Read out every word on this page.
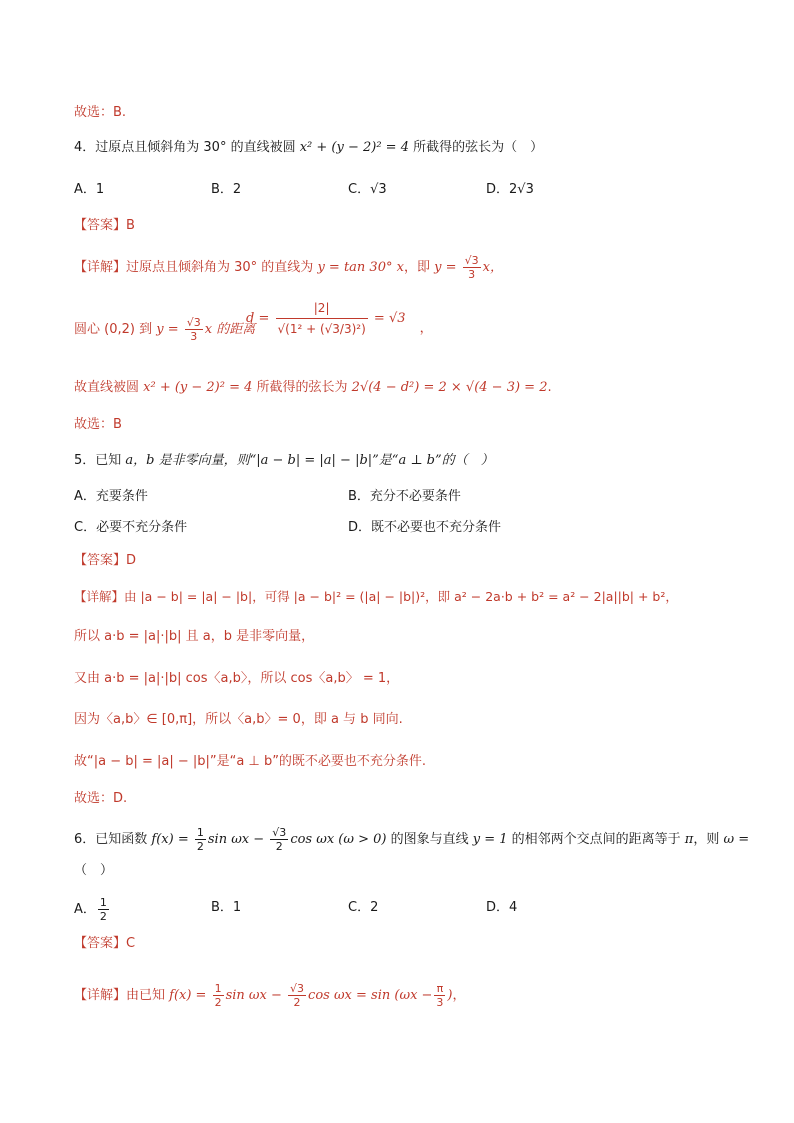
故选：B.
4．过原点且倾斜角为 30° 的直线被圆 x² + (y − 2)² = 4 所截得的弦长为（　）
A．1	B．2	C．√3	D．2√3
【答案】B
【详解】过原点且倾斜角为 30° 的直线为 y = tan 30° x，即 $y = \frac{√3}{3}$ x，
圆心 (0,2) 到 $y = \frac{√3}{3}$ x 的距离
$d = \frac{|2|}{\text{√(1² + (√3/3)²)}} = √3$ ，
故直线被圆 x² + (y − 2)² = 4 所截得的弦长为 2√(4 − d²) = 2 × √(4 − 3) = 2.
故选：B
5．已知 a，b 是非零向量，则“|a − b| = |a| − |b|”是“a ⊥ b”的（　）
A．充要条件	B．充分不必要条件
C．必要不充分条件	D．既不必要也不充分条件
【答案】D
【详解】由 |a − b| = |a| − |b|，可得 |a − b|² = (|a| − |b|)²，即 a² − 2a·b + b² = a² − 2|a||b| + b²，
所以 a·b = |a|·|b| 且 a，b 是非零向量，
又由 a·b = |a|·|b| cos〈a,b〉，所以 cos〈a,b〉 = 1，
因为〈a,b〉∈ [0,π]，所以〈a,b〉= 0，即 a 与 b 同向.
故“|a − b| = |a| − |b|”是“a ⊥ b”的既不必要也不充分条件.
故选：D.
6．已知函数 $f(x) = \frac{1}{2}$ $\sin \omega x - \frac{√3}{2}$ cos ωx (ω > 0) 的图象与直线 y = 1 的相邻两个交点间的距离等于 π，则 ω =
（　）
A． $\frac{1}{2}$	B．1	C．2	D．4
【答案】C
【详解】由已知 $f(x) = \frac{1}{2}$ $\sin \omega x - \frac{√3}{2}$ $\cos \omega x = \sin (\omega x - \frac{\pi}{3}$ )，
